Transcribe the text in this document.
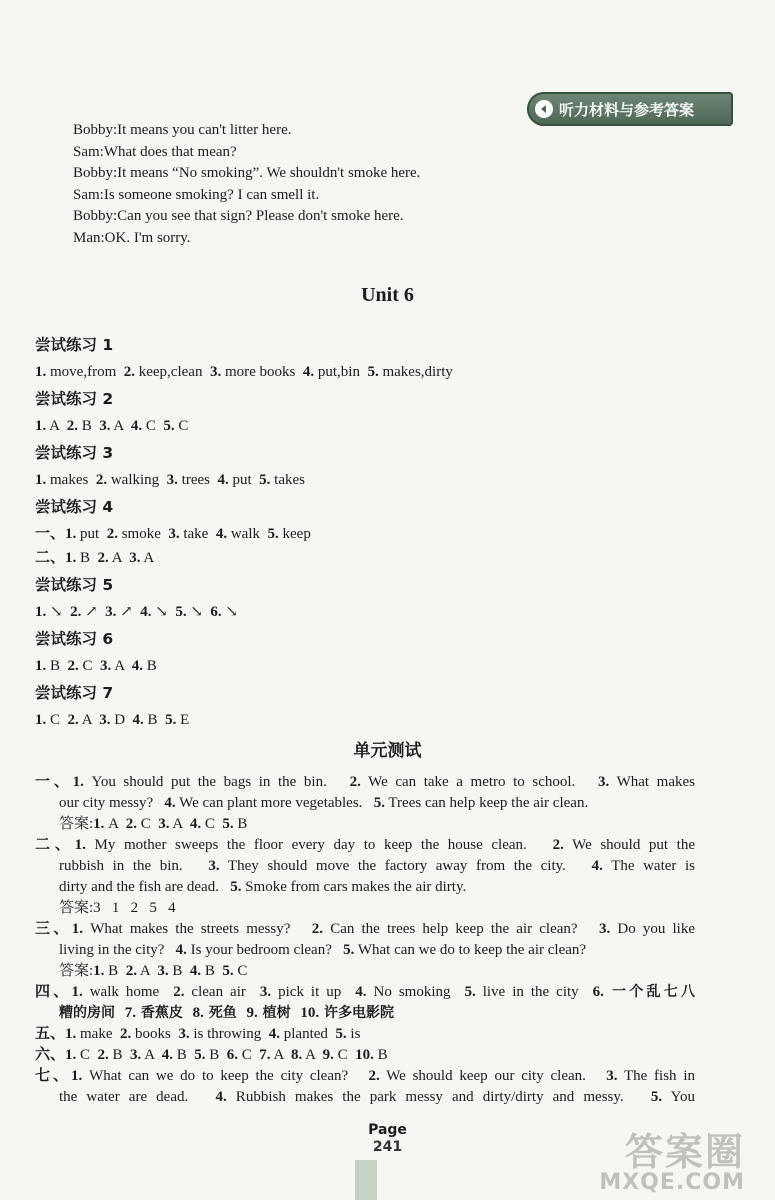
听力材料与参考答案
Bobby:It means you can't litter here.
Sam:What does that mean?
Bobby:It means “No smoking”. We shouldn't smoke here.
Sam:Is someone smoking? I can smell it.
Bobby:Can you see that sign? Please don't smoke here.
Man:OK. I'm sorry.
Unit 6
尝试练习 1
1. move,from  2. keep,clean  3. more books  4. put,bin  5. makes,dirty
尝试练习 2
1. A  2. B  3. A  4. C  5. C
尝试练习 3
1. makes  2. walking  3. trees  4. put  5. takes
尝试练习 4
一、1. put  2. smoke  3. take  4. walk  5. keep
二、1. B  2. A  3. A
尝试练习 5
1. ↘  2. ↗  3. ↗  4. ↘  5. ↘  6. ↘
尝试练习 6
1. B  2. C  3. A  4. B
尝试练习 7
1. C  2. A  3. D  4. B  5. E
单元测试
一、1. You should put the bags in the bin.   2. We can take a metro to school.   3. What makes
our city messy?   4. We can plant more vegetables.   5. Trees can help keep the air clean.
答案:1. A  2. C  3. A  4. C  5. B
二、1. My mother sweeps the floor every day to keep the house clean.   2. We should put the
rubbish in the bin.   3. They should move the factory away from the city.   4. The water is
dirty and the fish are dead.   5. Smoke from cars makes the air dirty.
答案:3   1   2   5   4
三、1. What makes the streets messy?   2. Can the trees help keep the air clean?   3. Do you like
living in the city?   4. Is your bedroom clean?   5. What can we do to keep the air clean?
答案:1. B  2. A  3. B  4. B  5. C
四、1. walk home  2. clean air  3. pick it up  4. No smoking  5. live in the city  6. 一个乱七八
糟的房间  7. 香蕉皮  8. 死鱼  9. 植树  10. 许多电影院
五、1. make  2. books  3. is throwing  4. planted  5. is
六、1. C  2. B  3. A  4. B  5. B  6. C  7. A  8. A  9. C  10. B
七、1. What can we do to keep the city clean?   2. We should keep our city clean.   3. The fish in
the water are dead.   4. Rubbish makes the park messy and dirty/dirty and messy.   5. You
Page
241	答案圈
MXQE.COM
